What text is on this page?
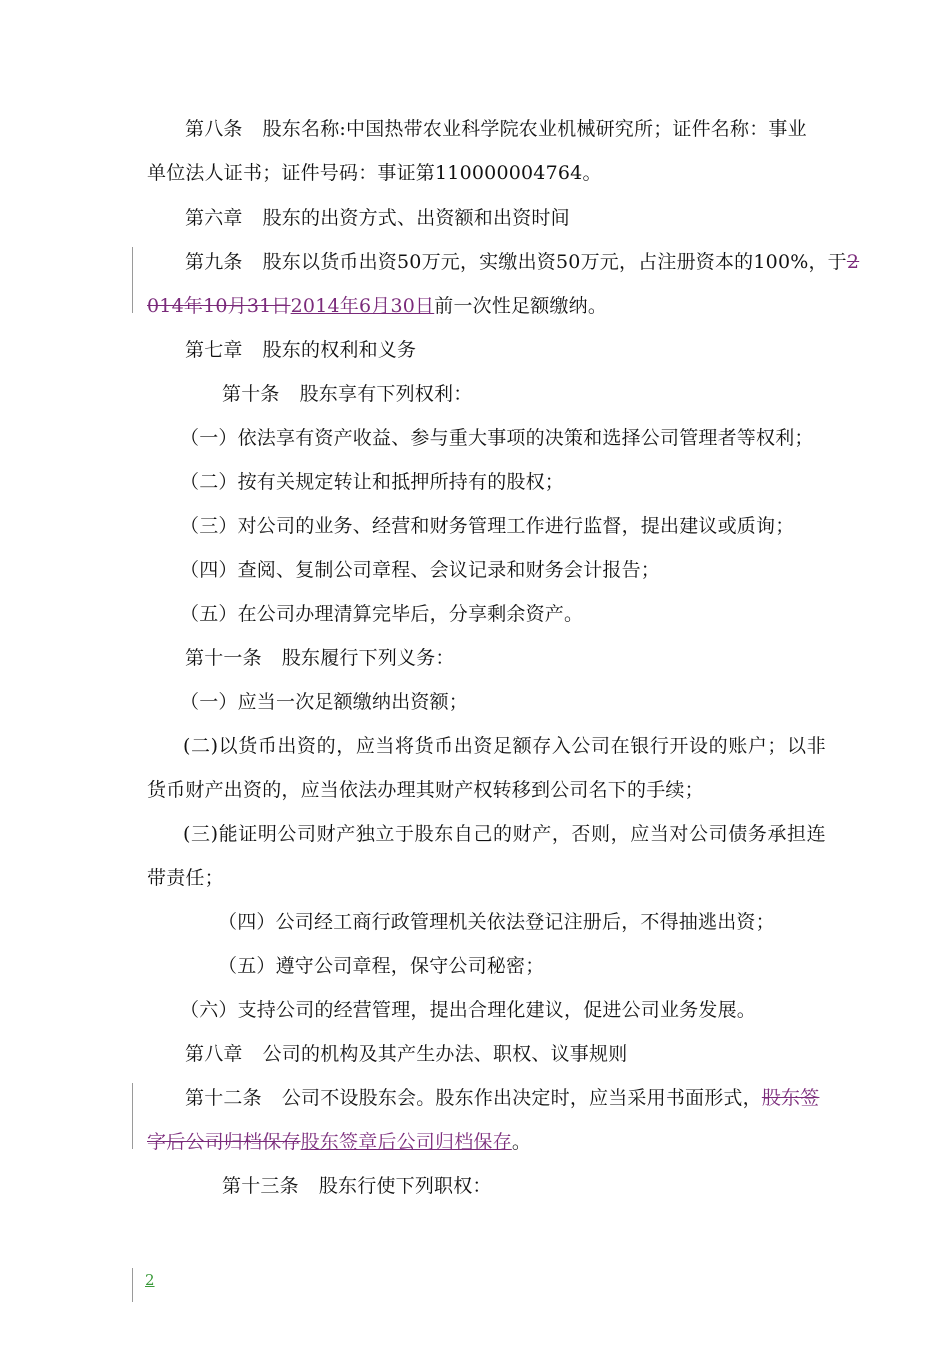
第八条 股东名称:中国热带农业科学院农业机械研究所；证件名称：事业
单位法人证书；证件号码：事证第110000004764。
第六章 股东的出资方式、出资额和出资时间
第九条 股东以货币出资50万元，实缴出资50万元，占注册资本的100%，于2
014年10月31日2014年6月30日前一次性足额缴纳。
第七章 股东的权利和义务
第十条 股东享有下列权利：
（一）依法享有资产收益、参与重大事项的决策和选择公司管理者等权利；
（二）按有关规定转让和抵押所持有的股权；
（三）对公司的业务、经营和财务管理工作进行监督，提出建议或质询；
（四）查阅、复制公司章程、会议记录和财务会计报告；
（五）在公司办理清算完毕后，分享剩余资产。
第十一条 股东履行下列义务：
（一）应当一次足额缴纳出资额；
(二)以货币出资的，应当将货币出资足额存入公司在银行开设的账户；以非
货币财产出资的，应当依法办理其财产权转移到公司名下的手续；
(三)能证明公司财产独立于股东自己的财产，否则，应当对公司债务承担连
带责任；
（四）公司经工商行政管理机关依法登记注册后，不得抽逃出资；
（五）遵守公司章程，保守公司秘密；
（六）支持公司的经营管理，提出合理化建议，促进公司业务发展。
第八章 公司的机构及其产生办法、职权、议事规则
第十二条 公司不设股东会。股东作出决定时，应当采用书面形式，股东签
字后公司归档保存股东签章后公司归档保存。
第十三条 股东行使下列职权：
2
